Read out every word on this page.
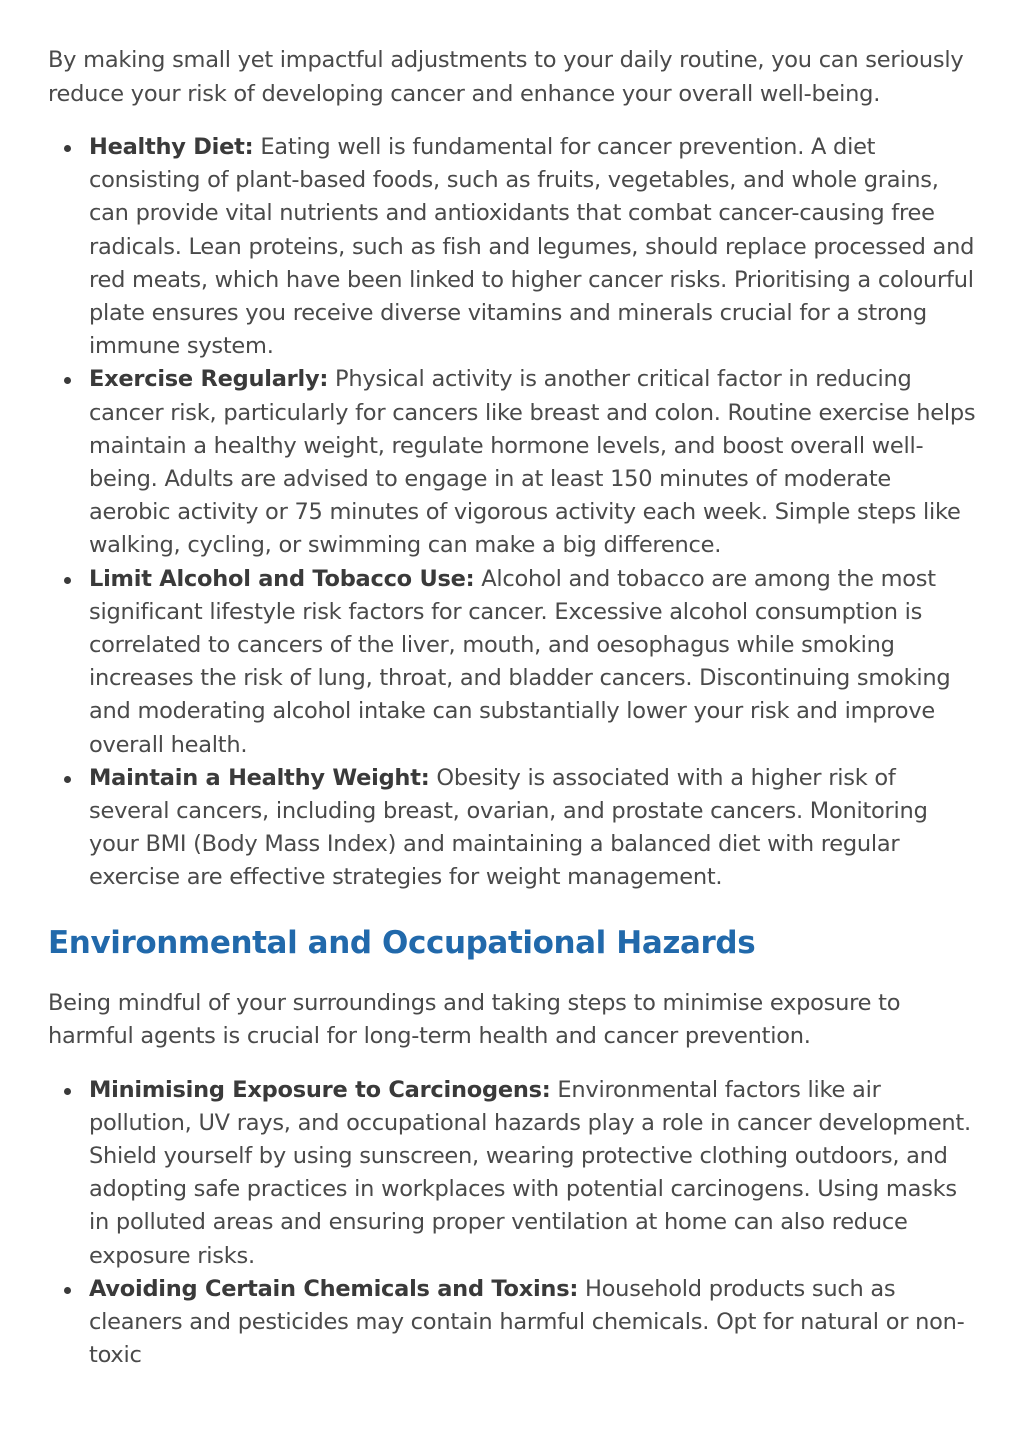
By making small yet impactful adjustments to your daily routine, you can seriously reduce your risk of developing cancer and enhance your overall well-being.

Healthy Diet: Eating well is fundamental for cancer prevention. A diet consisting of plant-based foods, such as fruits, vegetables, and whole grains, can provide vital nutrients and antioxidants that combat cancer-causing free radicals. Lean proteins, such as fish and legumes, should replace processed and red meats, which have been linked to higher cancer risks. Prioritising a colourful plate ensures you receive diverse vitamins and minerals crucial for a strong immune system.
Exercise Regularly: Physical activity is another critical factor in reducing cancer risk, particularly for cancers like breast and colon. Routine exercise helps maintain a healthy weight, regulate hormone levels, and boost overall well-being. Adults are advised to engage in at least 150 minutes of moderate aerobic activity or 75 minutes of vigorous activity each week. Simple steps like walking, cycling, or swimming can make a big difference.
Limit Alcohol and Tobacco Use: Alcohol and tobacco are among the most significant lifestyle risk factors for cancer. Excessive alcohol consumption is correlated to cancers of the liver, mouth, and oesophagus while smoking increases the risk of lung, throat, and bladder cancers. Discontinuing smoking and moderating alcohol intake can substantially lower your risk and improve overall health.
Maintain a Healthy Weight: Obesity is associated with a higher risk of several cancers, including breast, ovarian, and prostate cancers. Monitoring your BMI (Body Mass Index) and maintaining a balanced diet with regular exercise are effective strategies for weight management.
Environmental and Occupational Hazards

Being mindful of your surroundings and taking steps to minimise exposure to harmful agents is crucial for long-term health and cancer prevention.

Minimising Exposure to Carcinogens: Environmental factors like air pollution, UV rays, and occupational hazards play a role in cancer development. Shield yourself by using sunscreen, wearing protective clothing outdoors, and adopting safe practices in workplaces with potential carcinogens. Using masks in polluted areas and ensuring proper ventilation at home can also reduce exposure risks.
Avoiding Certain Chemicals and Toxins: Household products such as cleaners and pesticides may contain harmful chemicals. Opt for natural or non-toxic
